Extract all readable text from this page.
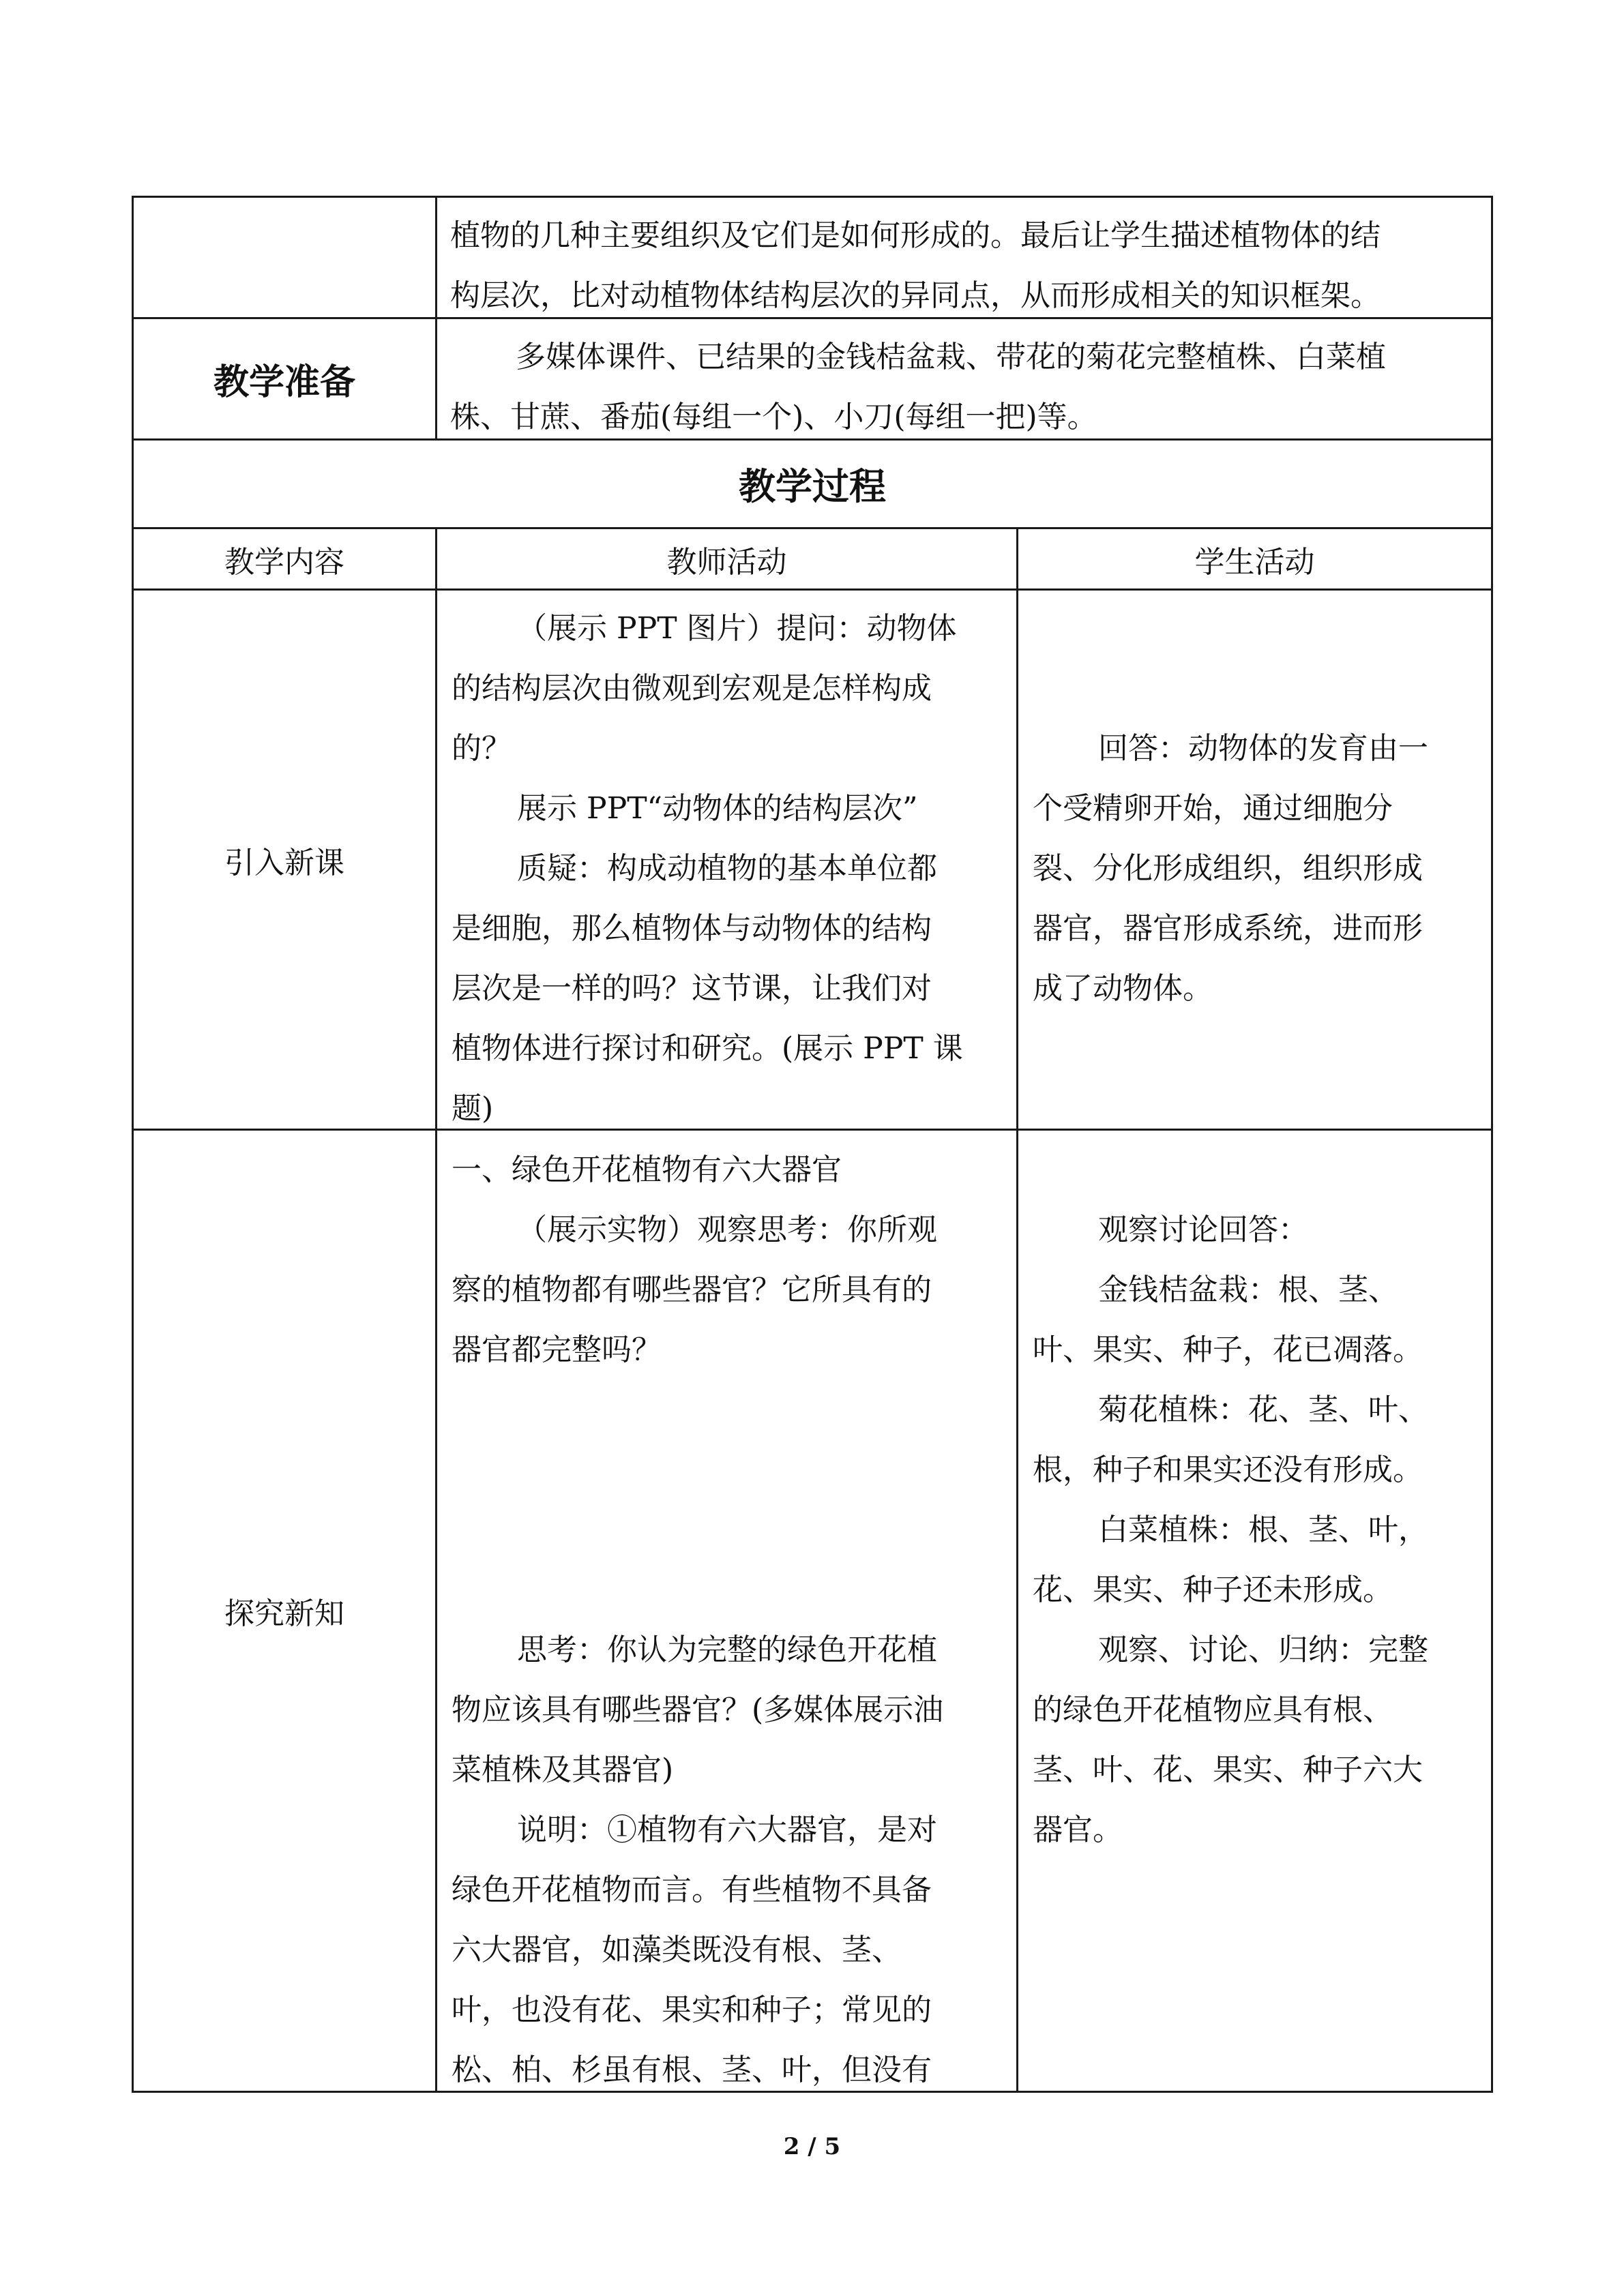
植物的几种主要组织及它们是如何形成的。最后让学生描述植物体的结

构层次，比对动植物体结构层次的异同点，从而形成相关的知识框架。

教学准备

多媒体课件、已结果的金钱桔盆栽、带花的菊花完整植株、白菜植

株、甘蔗、番茄(每组一个)、小刀(每组一把)等。

教学过程
教学内容	教师活动	学生活动
引入新课

（展示 PPT 图片）提问：动物体

的结构层次由微观到宏观是怎样构成

的？

展示 PPT“动物体的结构层次”

质疑：构成动植物的基本单位都

是细胞，那么植物体与动物体的结构

层次是一样的吗？这节课，让我们对

植物体进行探讨和研究。(展示 PPT 课

题)

回答：动物体的发育由一

个受精卵开始，通过细胞分

裂、分化形成组织，组织形成

器官，器官形成系统，进而形

成了动物体。

探究新知

一、绿色开花植物有六大器官

（展示实物）观察思考：你所观

察的植物都有哪些器官？它所具有的

器官都完整吗？

思考：你认为完整的绿色开花植

物应该具有哪些器官？(多媒体展示油

菜植株及其器官)

说明：①植物有六大器官，是对

绿色开花植物而言。有些植物不具备

六大器官，如藻类既没有根、茎、

叶，也没有花、果实和种子；常见的

松、柏、杉虽有根、茎、叶，但没有

观察讨论回答：

金钱桔盆栽：根、茎、

叶、果实、种子，花已凋落。

菊花植株：花、茎、叶、

根，种子和果实还没有形成。

白菜植株：根、茎、叶，

花、果实、种子还未形成。

观察、讨论、归纳：完整

的绿色开花植物应具有根、

茎、叶、花、果实、种子六大

器官。

2 / 5
